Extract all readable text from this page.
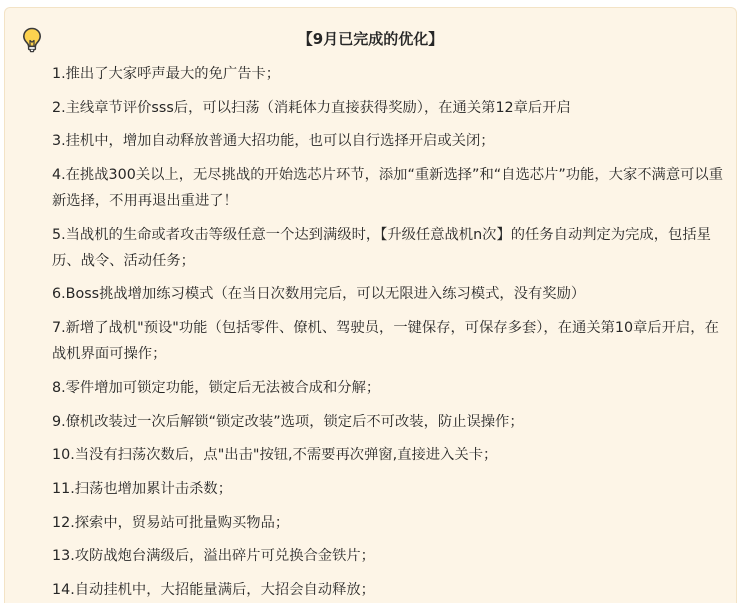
【9月已完成的优化】

1.推出了大家呼声最大的免广告卡；
2.主线章节评价sss后，可以扫荡（消耗体力直接获得奖励），在通关第12章后开启
3.挂机中，增加自动释放普通大招功能，也可以自行选择开启或关闭；
4.在挑战300关以上，无尽挑战的开始选芯片环节，添加“重新选择”和“自选芯片”功能，大家不满意可以重新选择，不用再退出重进了！
5.当战机的生命或者攻击等级任意一个达到满级时，【升级任意战机n次】的任务自动判定为完成，包括星历、战令、活动任务；
6.Boss挑战增加练习模式（在当日次数用完后，可以无限进入练习模式，没有奖励）
7.新增了战机"预设"功能（包括零件、僚机、驾驶员，一键保存，可保存多套），在通关第10章后开启，在战机界面可操作；
8.零件增加可锁定功能，锁定后无法被合成和分解；
9.僚机改装过一次后解锁“锁定改装”选项，锁定后不可改装，防止误操作；
10.当没有扫荡次数后，点"出击"按钮,不需要再次弹窗,直接进入关卡；
11.扫荡也增加累计击杀数；
12.探索中，贸易站可批量购买物品；
13.攻防战炮台满级后，溢出碎片可兑换合金铁片；
14.自动挂机中，大招能量满后，大招会自动释放；
